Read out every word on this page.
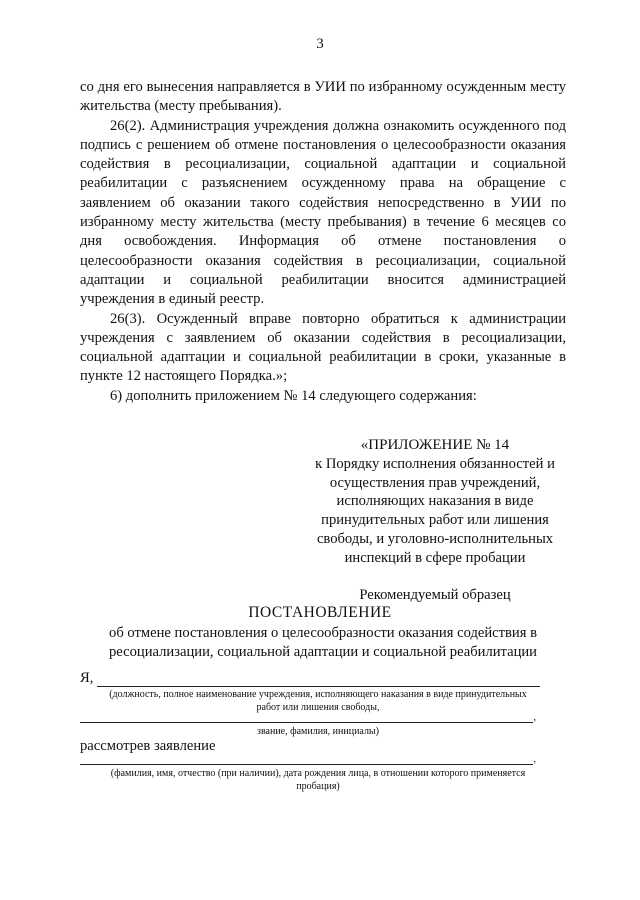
3

со дня его вынесения направляется в УИИ по избранному осужденным месту жительства (месту пребывания).

26(2). Администрация учреждения должна ознакомить осужденного под подпись с решением об отмене постановления о целесообразности оказания содействия в ресоциализации, социальной адаптации и социальной реабилитации с разъяснением осужденному права на обращение с заявлением об оказании такого содействия непосредственно в УИИ по избранному месту жительства (месту пребывания) в течение 6 месяцев со дня освобождения. Информация об отмене постановления о целесообразности оказания содействия в ресоциализации, социальной адаптации и социальной реабилитации вносится администрацией учреждения в единый реестр.

26(3). Осужденный вправе повторно обратиться к администрации учреждения с заявлением об оказании содействия в ресоциализации, социальной адаптации и социальной реабилитации в сроки, указанные в пункте 12 настоящего Порядка.»;

6) дополнить приложением № 14 следующего содержания:

«ПРИЛОЖЕНИЕ № 14
к Порядку исполнения обязанностей и осуществления прав учреждений, исполняющих наказания в виде принудительных работ или лишения свободы, и уголовно-исполнительных инспекций в сфере пробации
Рекомендуемый образец
ПОСТАНОВЛЕНИЕ
об отмене постановления о целесообразности оказания содействия в ресоциализации, социальной адаптации и социальной реабилитации
Я,
(должность, полное наименование учреждения, исполняющего наказания в виде принудительных работ или лишения свободы,
,
звание, фамилия, инициалы)
рассмотрев заявление
,
(фамилия, имя, отчество (при наличии), дата рождения лица, в отношении которого применяется пробация)
